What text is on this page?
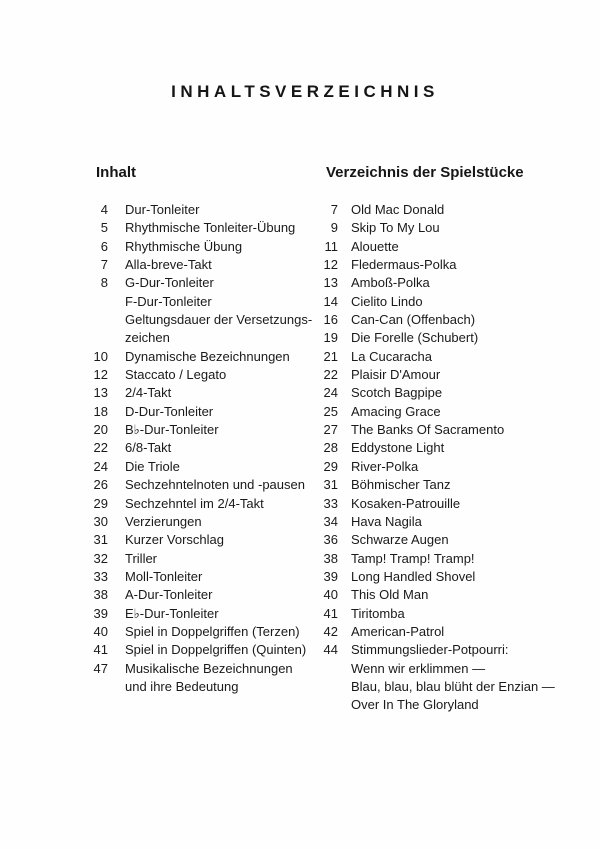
INHALTSVERZEICHNIS
Inhalt
4	Dur-Tonleiter
5	Rhythmische Tonleiter-Übung
6	Rhythmische Übung
7	Alla-breve-Takt
8	G-Dur-Tonleiter
F-Dur-Tonleiter
Geltungsdauer der Versetzungs-
zeichen
10	Dynamische Bezeichnungen
12	Staccato / Legato
13	2/4-Takt
18	D-Dur-Tonleiter
20	B♭-Dur-Tonleiter
22	6/8-Takt
24	Die Triole
26	Sechzehntelnoten und -pausen
29	Sechzehntel im 2/4-Takt
30	Verzierungen
31	Kurzer Vorschlag
32	Triller
33	Moll-Tonleiter
38	A-Dur-Tonleiter
39	E♭-Dur-Tonleiter
40	Spiel in Doppelgriffen (Terzen)
41	Spiel in Doppelgriffen (Quinten)
47	Musikalische Bezeichnungen
und ihre Bedeutung
Verzeichnis der Spielstücke
7	Old Mac Donald
9	Skip To My Lou
11	Alouette
12	Fledermaus-Polka
13	Amboß-Polka
14	Cielito Lindo
16	Can-Can (Offenbach)
19	Die Forelle (Schubert)
21	La Cucaracha
22	Plaisir D'Amour
24	Scotch Bagpipe
25	Amacing Grace
27	The Banks Of Sacramento
28	Eddystone Light
29	River-Polka
31	Böhmischer Tanz
33	Kosaken-Patrouille
34	Hava Nagila
36	Schwarze Augen
38	Tamp! Tramp! Tramp!
39	Long Handled Shovel
40	This Old Man
41	Tiritomba
42	American-Patrol
44	Stimmungslieder-Potpourri:
Wenn wir erklimmen —
Blau, blau, blau blüht der Enzian —
Over In The Gloryland
